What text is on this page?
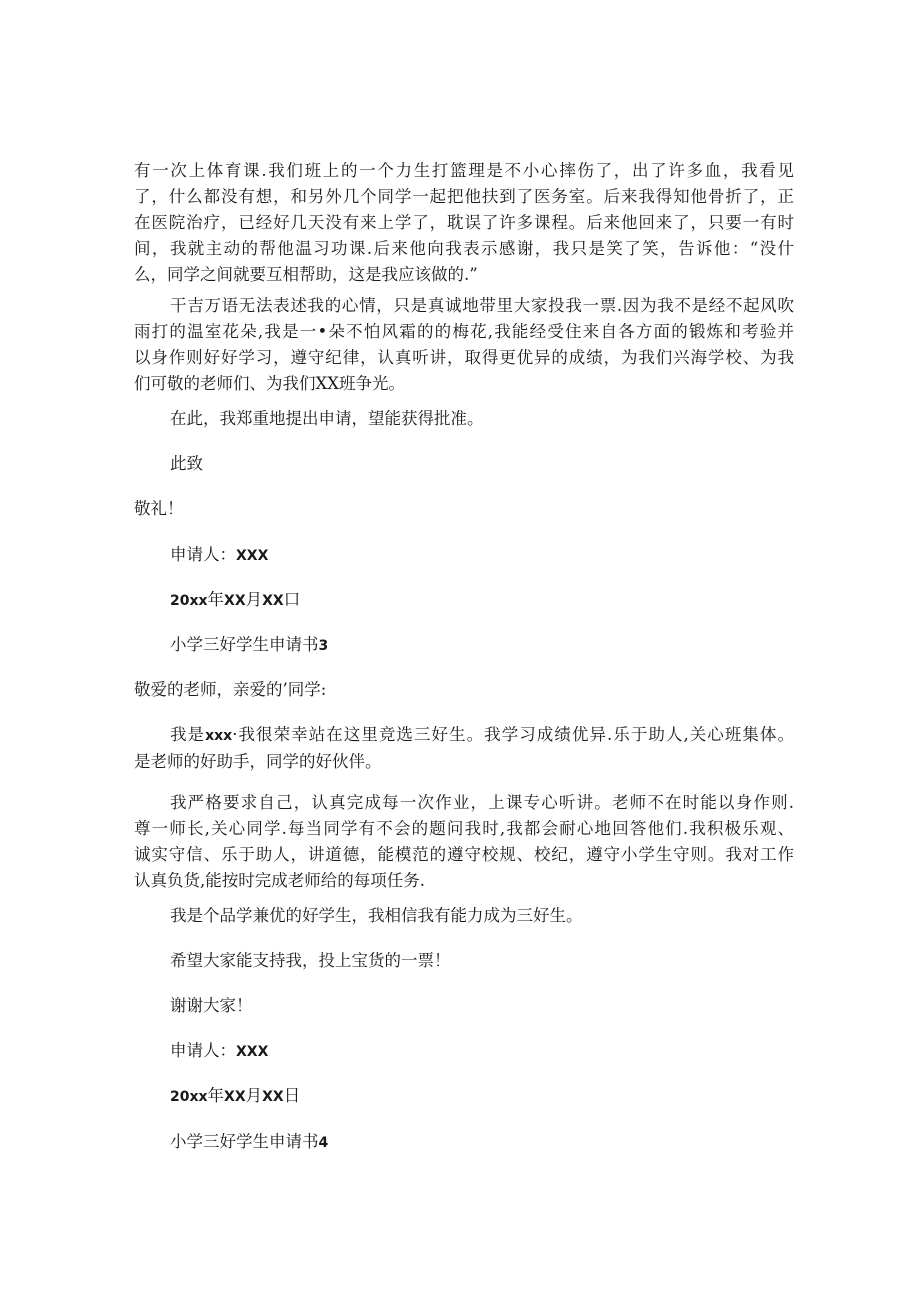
有一次上体育课.我们班上的一个力生打篮理是不小心摔伤了，出了许多血，我看见
了，什么都没有想，和另外几个同学一起把他扶到了医务室。后来我得知他骨折了，正
在医院治疗，已经好几天没有来上学了，耽误了许多课程。后来他回来了，只要一有时
间，我就主动的帮他温习功课.后来他向我表示感谢，我只是笑了笑，告诉他：“没什
么，同学之间就要互相帮助，这是我应该做的.”
干吉万语无法表述我的心情，只是真诚地带里大家投我一票.因为我不是经不起风吹
雨打的温室花朵,我是一•朵不怕风霜的的梅花,我能经受住来自各方面的锻炼和考验并
以身作则好好学习，遵守纪律，认真听讲，取得更优异的成绩，为我们兴海学校、为我
们可敬的老师们、为我们XX班争光。
在此，我郑重地提出申请，望能获得批准。
此致
敬礼！
申请人：XXX
20xx年XX月XX口
小学三好学生申请书3
敬爱的老师，亲爱的’同学:
我是xxx·我很荣幸站在这里竞选三好生。我学习成绩优异.乐于助人,关心班集体。
是老师的好助手，同学的好伙伴。
我严格要求自己，认真完成每一次作业，上课专心听讲。老师不在时能以身作则.
尊一师长,关心同学.每当同学有不会的题问我时,我都会耐心地回答他们.我积极乐观、
诚实守信、乐于助人，讲道德，能模范的遵守校规、校纪，遵守小学生守则。我对工作
认真负货,能按时完成老师给的每项任务.
我是个品学兼优的好学生，我相信我有能力成为三好生。
希望大家能支持我，投上宝货的一票！
谢谢大家！
申请人：XXX
20xx年XX月XX日
小学三好学生申请书4
